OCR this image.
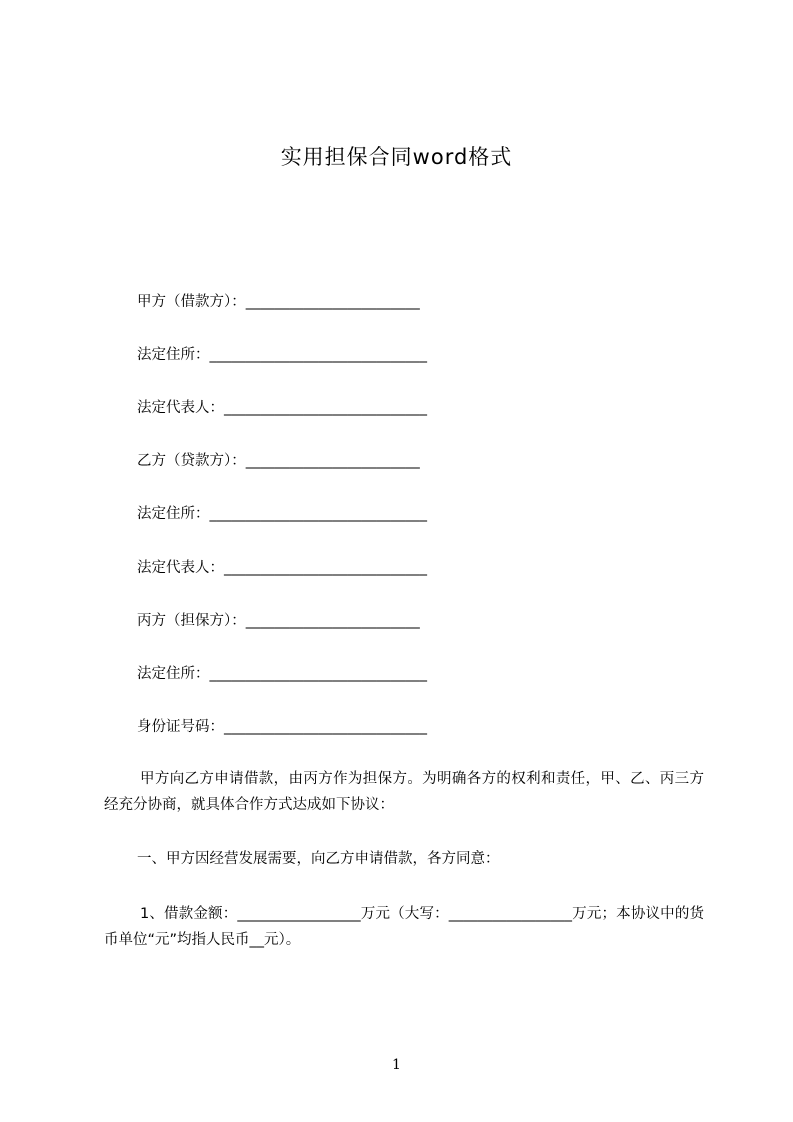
实用担保合同word格式
甲方（借款方）：________________________
法定住所：______________________________
法定代表人：____________________________
乙方（贷款方）：________________________
法定住所：______________________________
法定代表人：____________________________
丙方（担保方）：________________________
法定住所：______________________________
身份证号码：____________________________
甲方向乙方申请借款，由丙方作为担保方。为明确各方的权利和责任，甲、乙、丙三方经充分协商，就具体合作方式达成如下协议：
一、甲方因经营发展需要，向乙方申请借款，各方同意：
1、借款金额：_________________万元（大写：_________________万元；本协议中的货币单位“元”均指人民币__元）。
1
